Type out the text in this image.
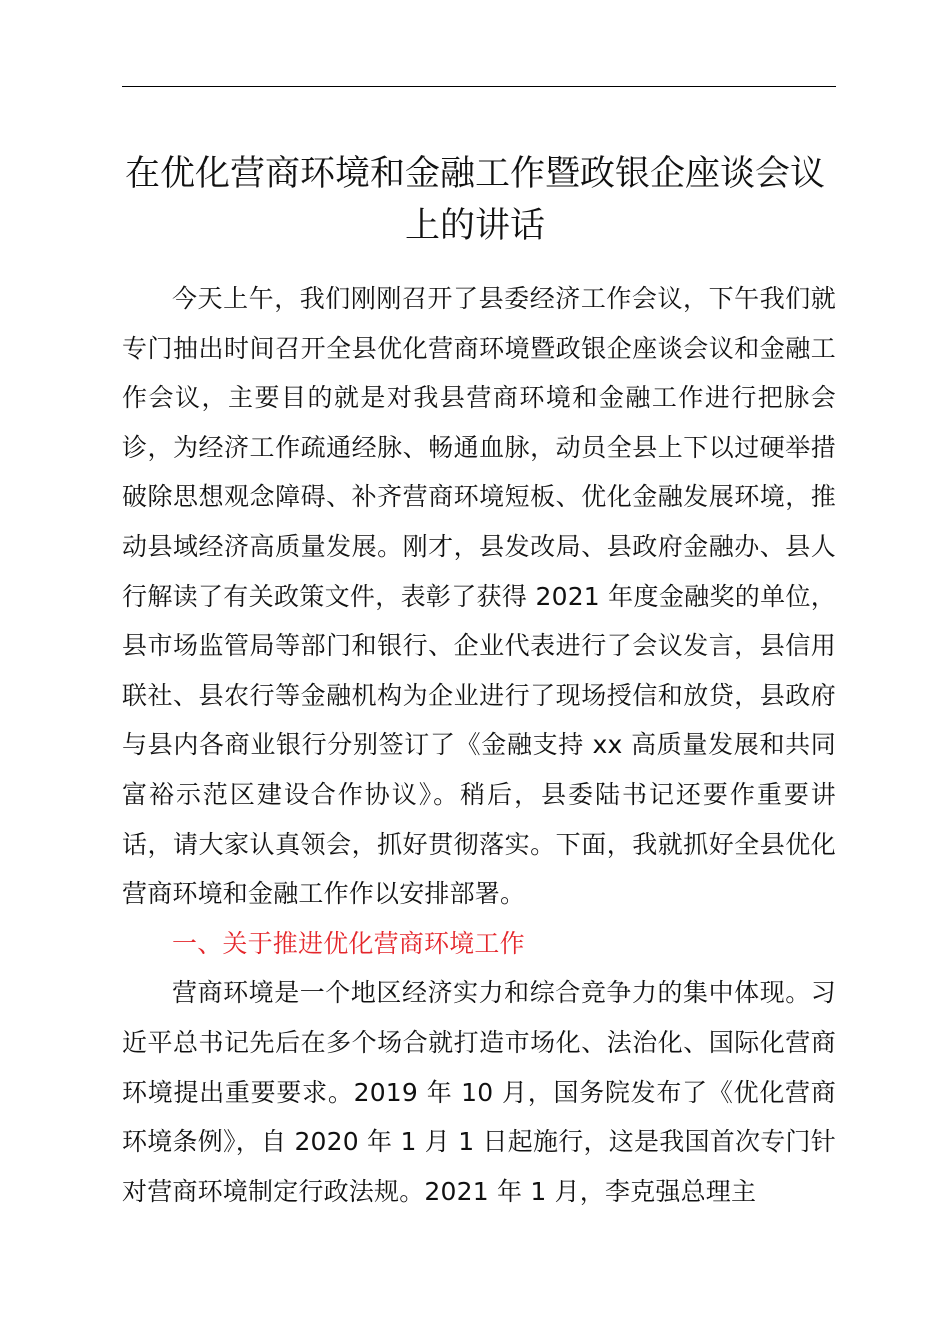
在优化营商环境和金融工作暨政银企座谈会议
上的讲话

今天上午，我们刚刚召开了县委经济工作会议，下午我们就专门抽出时间召开全县优化营商环境暨政银企座谈会议和金融工作会议，主要目的就是对我县营商环境和金融工作进行把脉会诊，为经济工作疏通经脉、畅通血脉，动员全县上下以过硬举措破除思想观念障碍、补齐营商环境短板、优化金融发展环境，推动县域经济高质量发展。刚才，县发改局、县政府金融办、县人行解读了有关政策文件，表彰了获得 2021 年度金融奖的单位，县市场监管局等部门和银行、企业代表进行了会议发言，县信用联社、县农行等金融机构为企业进行了现场授信和放贷，县政府与县内各商业银行分别签订了《金融支持 xx 高质量发展和共同富裕示范区建设合作协议》。稍后，县委陆书记还要作重要讲话，请大家认真领会，抓好贯彻落实。下面，我就抓好全县优化营商环境和金融工作作以安排部署。

一、关于推进优化营商环境工作

营商环境是一个地区经济实力和综合竞争力的集中体现。习近平总书记先后在多个场合就打造市场化、法治化、国际化营商环境提出重要要求。2019 年 10 月，国务院发布了《优化营商环境条例》，自 2020 年 1 月 1 日起施行，这是我国首次专门针对营商环境制定行政法规。2021 年 1 月，李克强总理主
